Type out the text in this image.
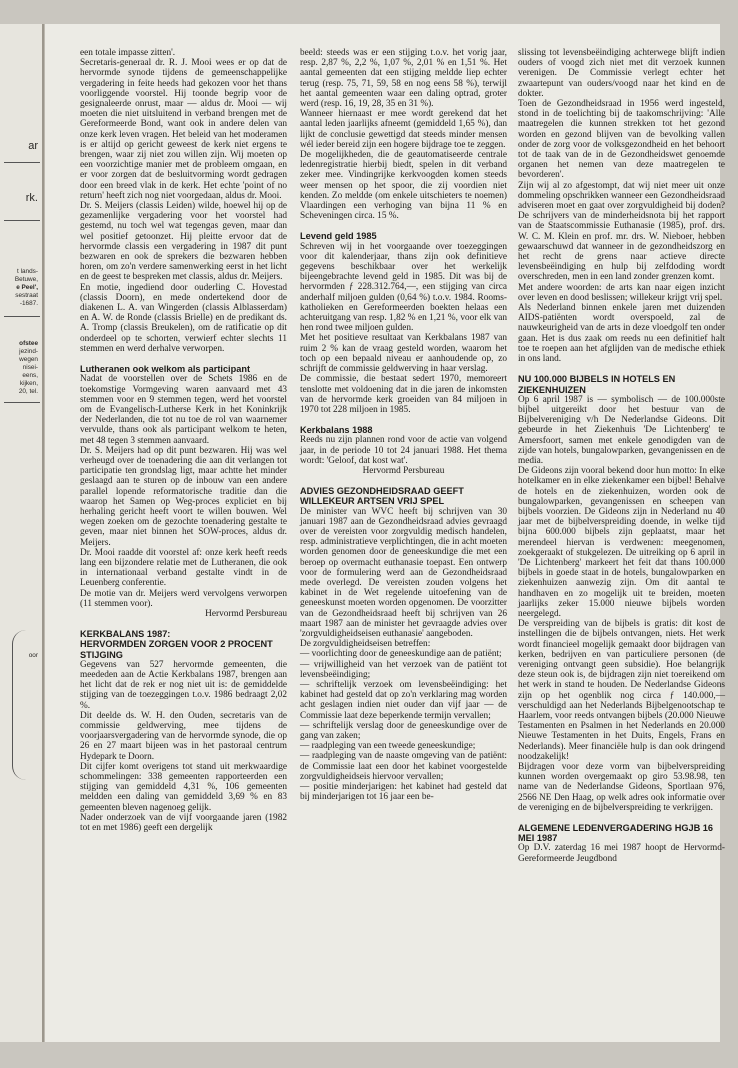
ar
rk.
t lands-
Betuwe,
e Peel',
sestraat
-1687.
ofstee
jezind-
wegen
nisei-
eens,
kijken,
20, tel.
oor

een totale impasse zitten'.

Secretaris-generaal dr. R. J. Mooi wees er op dat de hervormde synode tijdens de gemeenschappelijke vergadering in feite heeds had gekozen voor het thans voorliggende voorstel. Hij toonde begrip voor de gesignaleerde onrust, maar — aldus dr. Mooi — wij moeten die niet uitsluitend in verband brengen met de Gereformeerde Bond, want ook in andere delen van onze kerk leven vragen. Het beleid van het moderamen is er altijd op gericht geweest de kerk niet ergens te brengen, waar zij niet zou willen zijn. Wij moeten op een voorzichtige manier met de probleem omgaan, en er voor zorgen dat de besluitvorming wordt gedragen door een breed vlak in de kerk. Het echte 'point of no return' heeft zich nog niet voorgedaan, aldus dr. Mooi.

Dr. S. Meijers (classis Leiden) wilde, hoewel hij op de gezamenlijke vergadering voor het voorstel had gestemd, nu toch wel wat tegengas geven, maar dan wel positief getoonzet. Hij pleitte ervoor dat de hervormde classis een vergadering in 1987 dit punt bezwaren en ook de sprekers die bezwaren hebben horen, om zo'n verdere samenwerking eerst in het licht en de geest te bespreken met classis, aldus dr. Meijers.

En motie, ingediend door ouderling C. Hovestad (classis Doorn), en mede ondertekend door de diakenen L. A. van Wingerden (classis Alblasserdam) en A. W. de Ronde (classis Brielle) en de predikant ds. A. Tromp (classis Breukelen), om de ratificatie op dit onderdeel op te schorten, verwierf echter slechts 11 stemmen en werd derhalve verworpen.

Lutheranen ook welkom als participant

Nadat de voorstellen over de Schets 1986 en de toekomstige Vormgeving waren aanvaard met 43 stemmen voor en 9 stemmen tegen, werd het voorstel om de Evangelisch-Lutherse Kerk in het Koninkrijk der Nederlanden, die tot nu toe de rol van waarnemer vervulde, thans ook als participant welkom te heten, met 48 tegen 3 stemmen aanvaard.

Dr. S. Meijers had op dit punt bezwaren. Hij was wel verheugd over de toenadering die aan dit verlangen tot participatie ten grondslag ligt, maar achtte het minder geslaagd aan te sturen op de inbouw van een andere parallel lopende reformatorische traditie dan die waarop het Samen op Weg-proces expliciet en bij herhaling gericht heeft voort te willen bouwen. Wel wegen zoeken om de gezochte toenadering gestalte te geven, maar niet binnen het SOW-proces, aldus dr. Meijers.

Dr. Mooi raadde dit voorstel af: onze kerk heeft reeds lang een bijzondere relatie met de Lutheranen, die ook in internationaal verband gestalte vindt in de Leuenberg conferentie.

De motie van dr. Meijers werd vervolgens verworpen (11 stemmen voor).

Hervormd Persbureau

KERKBALANS 1987:

HERVORMDEN ZORGEN VOOR 2 PROCENT STIJGING

Gegevens van 527 hervormde gemeenten, die meededen aan de Actie Kerkbalans 1987, brengen aan het licht dat de rek er nog niet uit is: de gemiddelde stijging van de toezeggingen t.o.v. 1986 bedraagt 2,02 %.

Dit deelde ds. W. H. den Ouden, secretaris van de commissie geldwerving, mee tijdens de voorjaarsvergadering van de hervormde synode, die op 26 en 27 maart bijeen was in het pastoraal centrum Hydepark te Doorn.

Dit cijfer komt overigens tot stand uit merkwaardige schommelingen: 338 gemeenten rapporteerden een stijging van gemiddeld 4,31 %, 106 gemeenten meldden een daling van gemiddeld 3,69 % en 83 gemeenten bleven nagenoeg gelijk.

Nader onderzoek van de vijf voorgaande jaren (1982 tot en met 1986) geeft een dergelijk

beeld: steeds was er een stijging t.o.v. het vorig jaar, resp. 2,87 %, 2,2 %, 1,07 %, 2,01 % en 1,51 %. Het aantal gemeenten dat een stijging meldde liep echter terug (resp. 75, 71, 59, 58 en nog eens 58 %), terwijl het aantal gemeenten waar een daling optrad, groter werd (resp. 16, 19, 28, 35 en 31 %).

Wanneer hiernaast er mee wordt gerekend dat het aantal leden jaarlijks afneemt (gemiddeld 1,65 %), dan lijkt de conclusie gewettigd dat steeds minder mensen wél ieder bereid zijn een hogere bijdrage toe te zeggen.

De mogelijkheden, die de geautomatiseerde centrale ledenregistratie hierbij biedt, spelen in dit verband zeker mee. Vindingrijke kerkvoogden komen steeds weer mensen op het spoor, die zij voordien niet kenden. Zo meldde (om enkele uitschieters te noemen) Vlaardingen een verhoging van bijna 11 % en Scheveningen circa. 15 %.

Levend geld 1985

Schreven wij in het voorgaande over toezeggingen voor dit kalenderjaar, thans zijn ook definitieve gegevens beschikbaar over het werkelijk bijeengebrachte levend geld in 1985. Dit was bij de hervormden ƒ 228.312.764,—, een stijging van circa anderhalf miljoen gulden (0,64 %) t.o.v. 1984. Rooms-katholieken en Gereformeerden boekten helaas een achteruitgang van resp. 1,82 % en 1,21 %, voor elk van hen rond twee miljoen gulden.

Met het positieve resultaat van Kerkbalans 1987 van ruim 2 % kan de vraag gesteld worden, waarom het toch op een bepaald niveau er aanhoudende op, zo schrijft de commissie geldwerving in haar verslag.

De commissie, die bestaat sedert 1970, memoreert tenslotte met voldoening dat in die jaren de inkomsten van de hervormde kerk groeiden van 84 miljoen in 1970 tot 228 miljoen in 1985.

Kerkbalans 1988

Reeds nu zijn plannen rond voor de actie van volgend jaar, in de periode 10 tot 24 januari 1988. Het thema wordt: 'Geloof, dat kost wat'.

Hervormd Persbureau

ADVIES GEZONDHEIDSRAAD GEEFT WILLEKEUR ARTSEN VRIJ SPEL

De minister van WVC heeft bij schrijven van 30 januari 1987 aan de Gezondheidsraad advies gevraagd over de vereisten voor zorgvuldig medisch handelen, resp. administratieve verplichtingen, die in acht moeten worden genomen door de geneeskundige die met een beroep op overmacht euthanasie toepast. Een ontwerp voor de formulering werd aan de Gezondheidsraad mede overlegd. De vereisten zouden volgens het kabinet in de Wet regelende uitoefening van de geneeskunst moeten worden opgenomen. De voorzitter van de Gezondheidsraad heeft bij schrijven van 26 maart 1987 aan de minister het gevraagde advies over 'zorgvuldigheidseisen euthanasie' aangeboden.

De zorgvuldigheidseisen betreffen:

— voorlichting door de geneeskundige aan de patiënt;

— vrijwilligheid van het verzoek van de patiënt tot levensbeëindiging;

— schriftelijk verzoek om levensbeëindiging: het kabinet had gesteld dat op zo'n verklaring mag worden acht geslagen indien niet ouder dan vijf jaar — de Commissie laat deze beperkende termijn vervallen;

— schriftelijk verslag door de geneeskundige over de gang van zaken;

— raadpleging van een tweede geneeskundige;

— raadpleging van de naaste omgeving van de patiënt: de Commissie laat een door het kabinet voorgestelde zorgvuldigheidseis hiervoor vervallen;

— positie minderjarigen: het kabinet had gesteld dat bij minderjarigen tot 16 jaar een be-

slissing tot levensbeëindiging achterwege blijft indien ouders of voogd zich niet met dit verzoek kunnen verenigen. De Commissie verlegt echter het zwaartepunt van ouders/voogd naar het kind en de dokter.

Toen de Gezondheidsraad in 1956 werd ingesteld, stond in de toelichting bij de taakomschrijving: 'Alle maatregelen die kunnen strekken tot het gezond worden en gezond blijven van de bevolking vallen onder de zorg voor de volksgezondheid en het behoort tot de taak van de in de Gezondheidswet genoemde organen het nemen van deze maatregelen te bevorderen'.

Zijn wij al zo afgestompt, dat wij niet meer uit onze dommeling opschrikken wanneer een Gezondheidsraad adviseren moet en gaat over zorgvuldigheid bij doden? De schrijvers van de minderheidsnota bij het rapport van de Staatscommissie Euthanasie (1985), prof. drs. W. C. M. Klein en prof. mr. drs. W. Nieboer, hebben gewaarschuwd dat wanneer in de gezondheidszorg en het recht de grens naar actieve directe levensbeëindiging en hulp bij zelfdoding wordt overschreden, men in een land zonder grenzen komt.

Met andere woorden: de arts kan naar eigen inzicht over leven en dood beslissen; willekeur krijgt vrij spel.

Als Nederland binnen enkele jaren met duizenden AIDS-patiënten wordt overspoeld, zal de nauwkeurigheid van de arts in deze vloedgolf ten onder gaan. Het is dus zaak om reeds nu een definitief halt toe te roepen aan het afglijden van de medische ethiek in ons land.

NU 100.000 BIJBELS IN HOTELS EN ZIEKENHUIZEN

Op 6 april 1987 is — symbolisch — de 100.000ste bijbel uitgereikt door het bestuur van de Bijbelvereniging v/h De Nederlandse Gideons. Dit gebeurde in het Ziekenhuis 'De Lichtenberg' te Amersfoort, samen met enkele genodigden van de zijde van hotels, bungalowparken, gevangenissen en de media.

De Gideons zijn vooral bekend door hun motto: In elke hotelkamer en in elke ziekenkamer een bijbel! Behalve de hotels en de ziekenhuizen, worden ook de bungalowparken, gevangenissen en scheepen van bijbels voorzien. De Gideons zijn in Nederland nu 40 jaar met de bijbelverspreiding doende, in welke tijd bijna 600.000 bijbels zijn geplaatst, maar het merendeel hiervan is verdwenen: meegenomen, zoekgeraakt of stukgelezen. De uitreiking op 6 april in 'De Lichtenberg' markeert het feit dat thans 100.000 bijbels in goede staat in de hotels, bungalowparken en ziekenhuizen aanwezig zijn. Om dit aantal te handhaven en zo mogelijk uit te breiden, moeten jaarlijks zeker 15.000 nieuwe bijbels worden neergelegd.

De verspreiding van de bijbels is gratis: dit kost de instellingen die de bijbels ontvangen, niets. Het werk wordt financieel mogelijk gemaakt door bijdragen van kerken, bedrijven en van particuliere personen (de vereniging ontvangt geen subsidie). Hoe belangrijk deze steun ook is, de bijdragen zijn niet toereikend om het werk in stand te houden. De Nederlandse Gideons zijn op het ogenblik nog circa ƒ 140.000,— verschuldigd aan het Nederlands Bijbelgenootschap te Haarlem, voor reeds ontvangen bijbels (20.000 Nieuwe Testamenten en Psalmen in het Nederlands en 20.000 Nieuwe Testamenten in het Duits, Engels, Frans en Nederlands). Meer financiële hulp is dan ook dringend noodzakelijk!

Bijdragen voor deze vorm van bijbelverspreiding kunnen worden overgemaakt op giro 53.98.98, ten name van de Nederlandse Gideons, Sportlaan 976, 2566 NE Den Haag, op welk adres ook informatie over de vereniging en de bijbelverspreiding te verkrijgen.

ALGEMENE LEDENVERGADERING HGJB 16 MEI 1987

Op D.V. zaterdag 16 mei 1987 hoopt de Hervormd-Gereformeerde Jeugdbond
